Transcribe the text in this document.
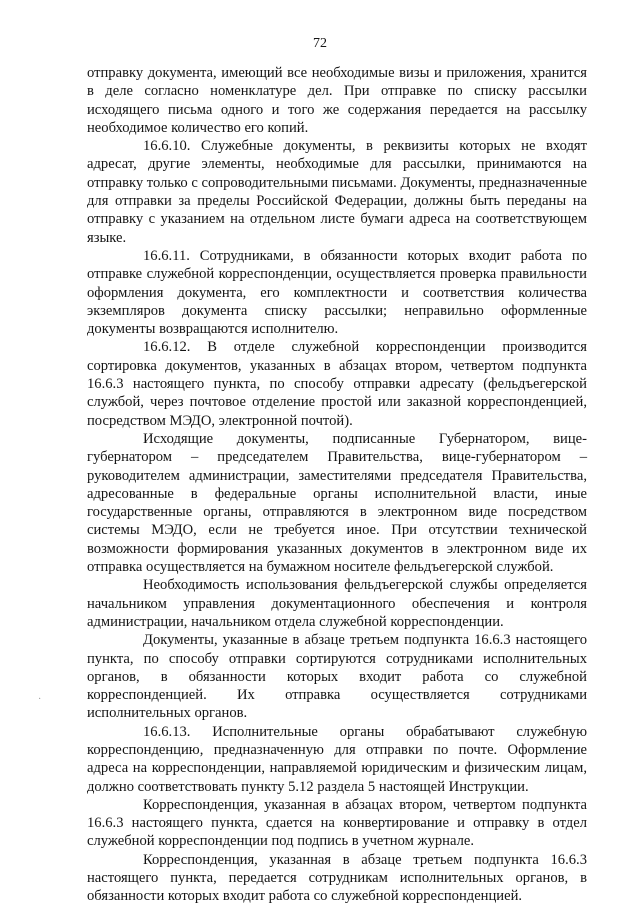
72

отправку документа, имеющий все необходимые визы и приложения, хранится в деле согласно номенклатуре дел. При отправке по списку рассылки исходящего письма одного и того же содержания передается на рассылку необходимое количество его копий.

16.6.10. Служебные документы, в реквизиты которых не входят адресат, другие элементы, необходимые для рассылки, принимаются на отправку только с сопроводительными письмами. Документы, предназначенные для отправки за пределы Российской Федерации, должны быть переданы на отправку с указанием на отдельном листе бумаги адреса на соответствующем языке.

16.6.11. Сотрудниками, в обязанности которых входит работа по отправке служебной корреспонденции, осуществляется проверка правильности оформления документа, его комплектности и соответствия количества экземпляров документа списку рассылки; неправильно оформленные документы возвращаются исполнителю.

16.6.12. В отделе служебной корреспонденции производится сортировка документов, указанных в абзацах втором, четвертом подпункта 16.6.3 настоящего пункта, по способу отправки адресату (фельдъегерской службой, через почтовое отделение простой или заказной корреспонденцией, посредством МЭДО, электронной почтой).

Исходящие документы, подписанные Губернатором, вице-губернатором – председателем Правительства, вице-губернатором – руководителем администрации, заместителями председателя Правительства, адресованные в федеральные органы исполнительной власти, иные государственные органы, отправляются в электронном виде посредством системы МЭДО, если не требуется иное. При отсутствии технической возможности формирования указанных документов в электронном виде их отправка осуществляется на бумажном носителе фельдъегерской службой.

Необходимость использования фельдъегерской службы определяется начальником управления документационного обеспечения и контроля администрации, начальником отдела служебной корреспонденции.

Документы, указанные в абзаце третьем подпункта 16.6.3 настоящего пункта, по способу отправки сортируются сотрудниками исполнительных органов, в обязанности которых входит работа со служебной корреспонденцией. Их отправка осуществляется сотрудниками исполнительных органов.

16.6.13. Исполнительные органы обрабатывают служебную корреспонденцию, предназначенную для отправки по почте. Оформление адреса на корреспонденции, направляемой юридическим и физическим лицам, должно соответствовать пункту 5.12 раздела 5 настоящей Инструкции.

Корреспонденция, указанная в абзацах втором, четвертом подпункта 16.6.3 настоящего пункта, сдается на конвертирование и отправку в отдел служебной корреспонденции под подпись в учетном журнале.

Корреспонденция, указанная в абзаце третьем подпункта 16.6.3 настоящего пункта, передается сотрудникам исполнительных органов, в обязанности которых входит работа со служебной корреспонденцией.

·
